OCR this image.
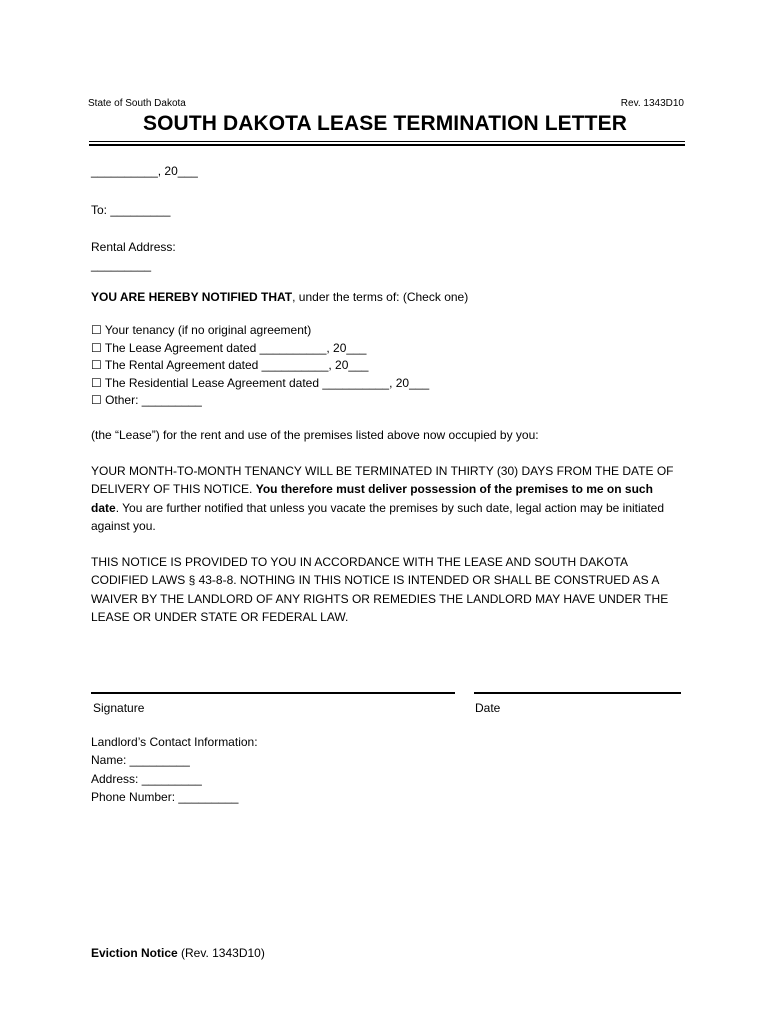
State of South Dakota	Rev. 1343D10
SOUTH DAKOTA LEASE TERMINATION LETTER
__________, 20___
To: _________
Rental Address:
_________
YOU ARE HEREBY NOTIFIED THAT, under the terms of: (Check one)
☐ Your tenancy (if no original agreement)
☐ The Lease Agreement dated __________, 20___
☐ The Rental Agreement dated __________, 20___
☐ The Residential Lease Agreement dated __________, 20___
☐ Other: _________
(the “Lease”) for the rent and use of the premises listed above now occupied by you:
YOUR MONTH-TO-MONTH TENANCY WILL BE TERMINATED IN THIRTY (30) DAYS FROM THE DATE OF DELIVERY OF THIS NOTICE. You therefore must deliver possession of the premises to me on such date. You are further notified that unless you vacate the premises by such date, legal action may be initiated against you.
THIS NOTICE IS PROVIDED TO YOU IN ACCORDANCE WITH THE LEASE AND SOUTH DAKOTA CODIFIED LAWS § 43-8-8. NOTHING IN THIS NOTICE IS INTENDED OR SHALL BE CONSTRUED AS A WAIVER BY THE LANDLORD OF ANY RIGHTS OR REMEDIES THE LANDLORD MAY HAVE UNDER THE LEASE OR UNDER STATE OR FEDERAL LAW.
Signature	Date
Landlord’s Contact Information:
Name: _________
Address: _________
Phone Number: _________
Eviction Notice (Rev. 1343D10)
